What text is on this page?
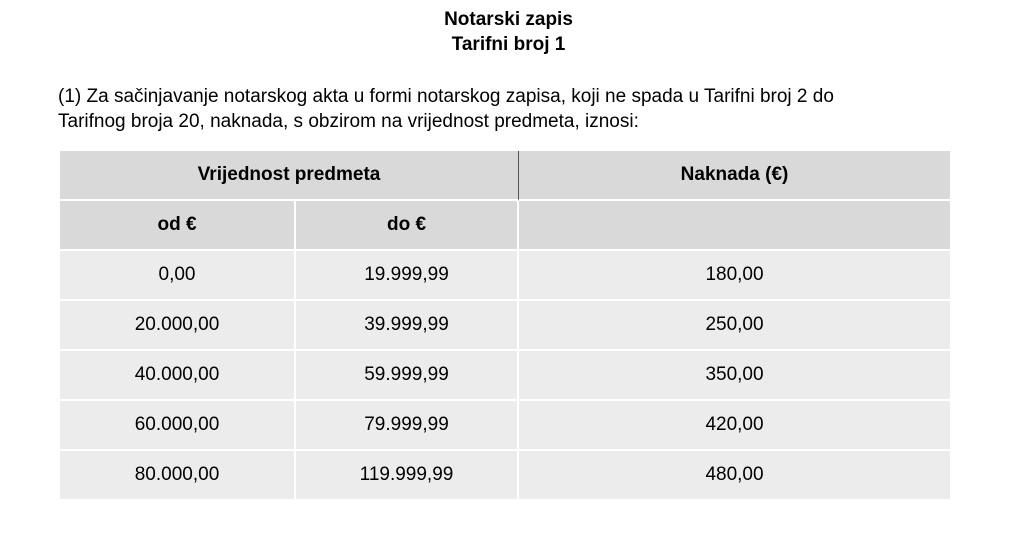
Notarski zapis
Tarifni broj 1
(1) Za sačinjavanje notarskog akta u formi notarskog zapisa, koji ne spada u Tarifni broj 2 do
Tarifnog broja 20, naknada, s obzirom na vrijednost predmeta, iznosi:
Vrijednost predmeta		Naknada (€)
od €	do €	
0,00	19.999,99	180,00
20.000,00	39.999,99	250,00
40.000,00	59.999,99	350,00
60.000,00	79.999,99	420,00
80.000,00	119.999,99	480,00
